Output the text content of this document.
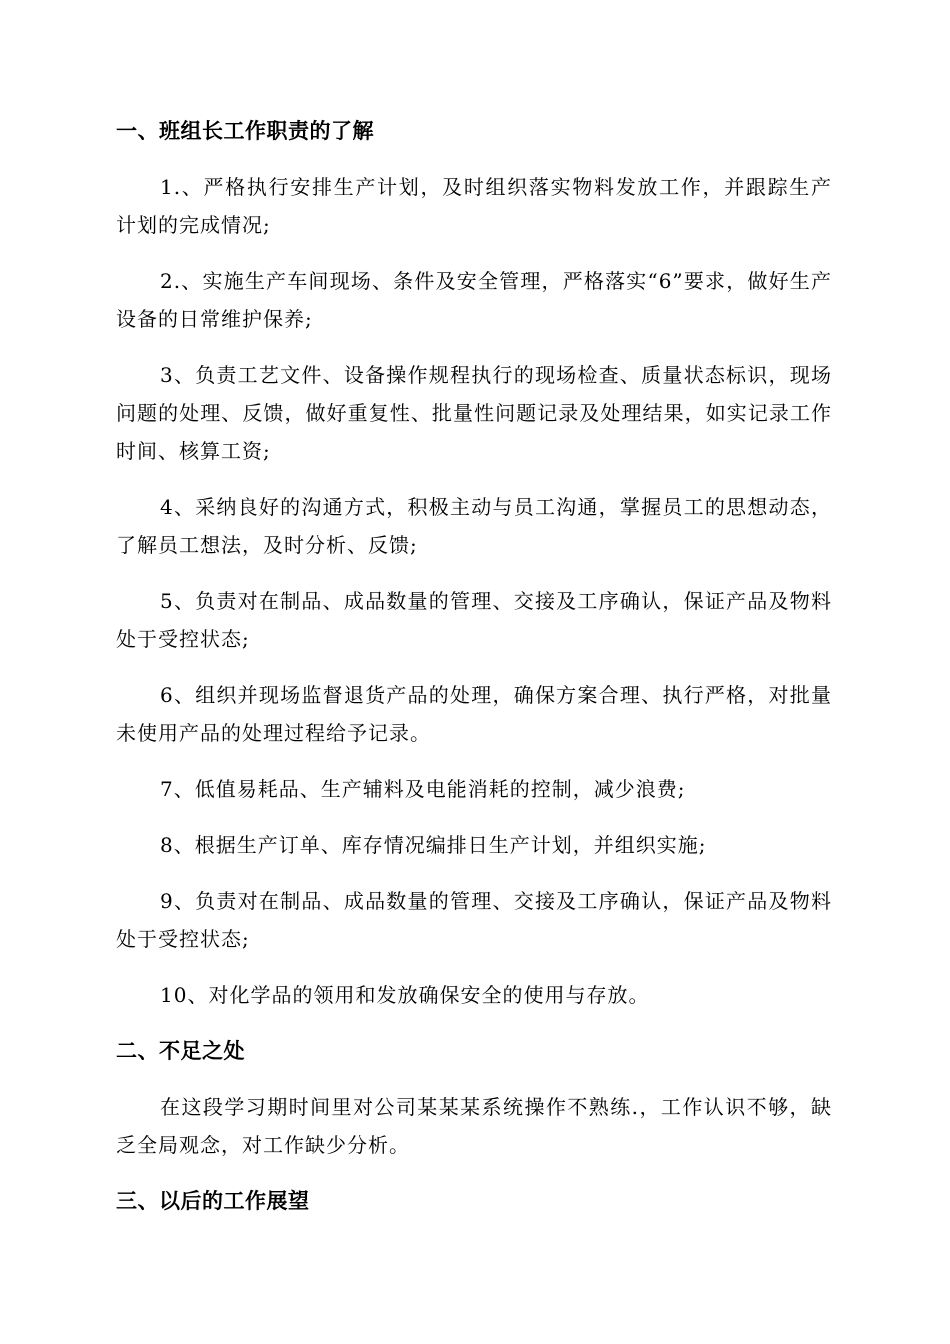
一、班组长工作职责的了解

1.、严格执行安排生产计划，及时组织落实物料发放工作，并跟踪生产计划的完成情况;

2.、实施生产车间现场、条件及安全管理，严格落实“6”要求，做好生产设备的日常维护保养;

3、负责工艺文件、设备操作规程执行的现场检查、质量状态标识，现场问题的处理、反馈，做好重复性、批量性问题记录及处理结果，如实记录工作时间、核算工资;

4、采纳良好的沟通方式，积极主动与员工沟通，掌握员工的思想动态，了解员工想法，及时分析、反馈;

5、负责对在制品、成品数量的管理、交接及工序确认，保证产品及物料处于受控状态;

6、组织并现场监督退货产品的处理，确保方案合理、执行严格，对批量未使用产品的处理过程给予记录。

7、低值易耗品、生产辅料及电能消耗的控制，减少浪费;

8、根据生产订单、库存情况编排日生产计划，并组织实施;

9、负责对在制品、成品数量的管理、交接及工序确认，保证产品及物料处于受控状态;

10、对化学品的领用和发放确保安全的使用与存放。

二、不足之处

在这段学习期时间里对公司某某某系统操作不熟练.，工作认识不够，缺乏全局观念，对工作缺少分析。

三、以后的工作展望
